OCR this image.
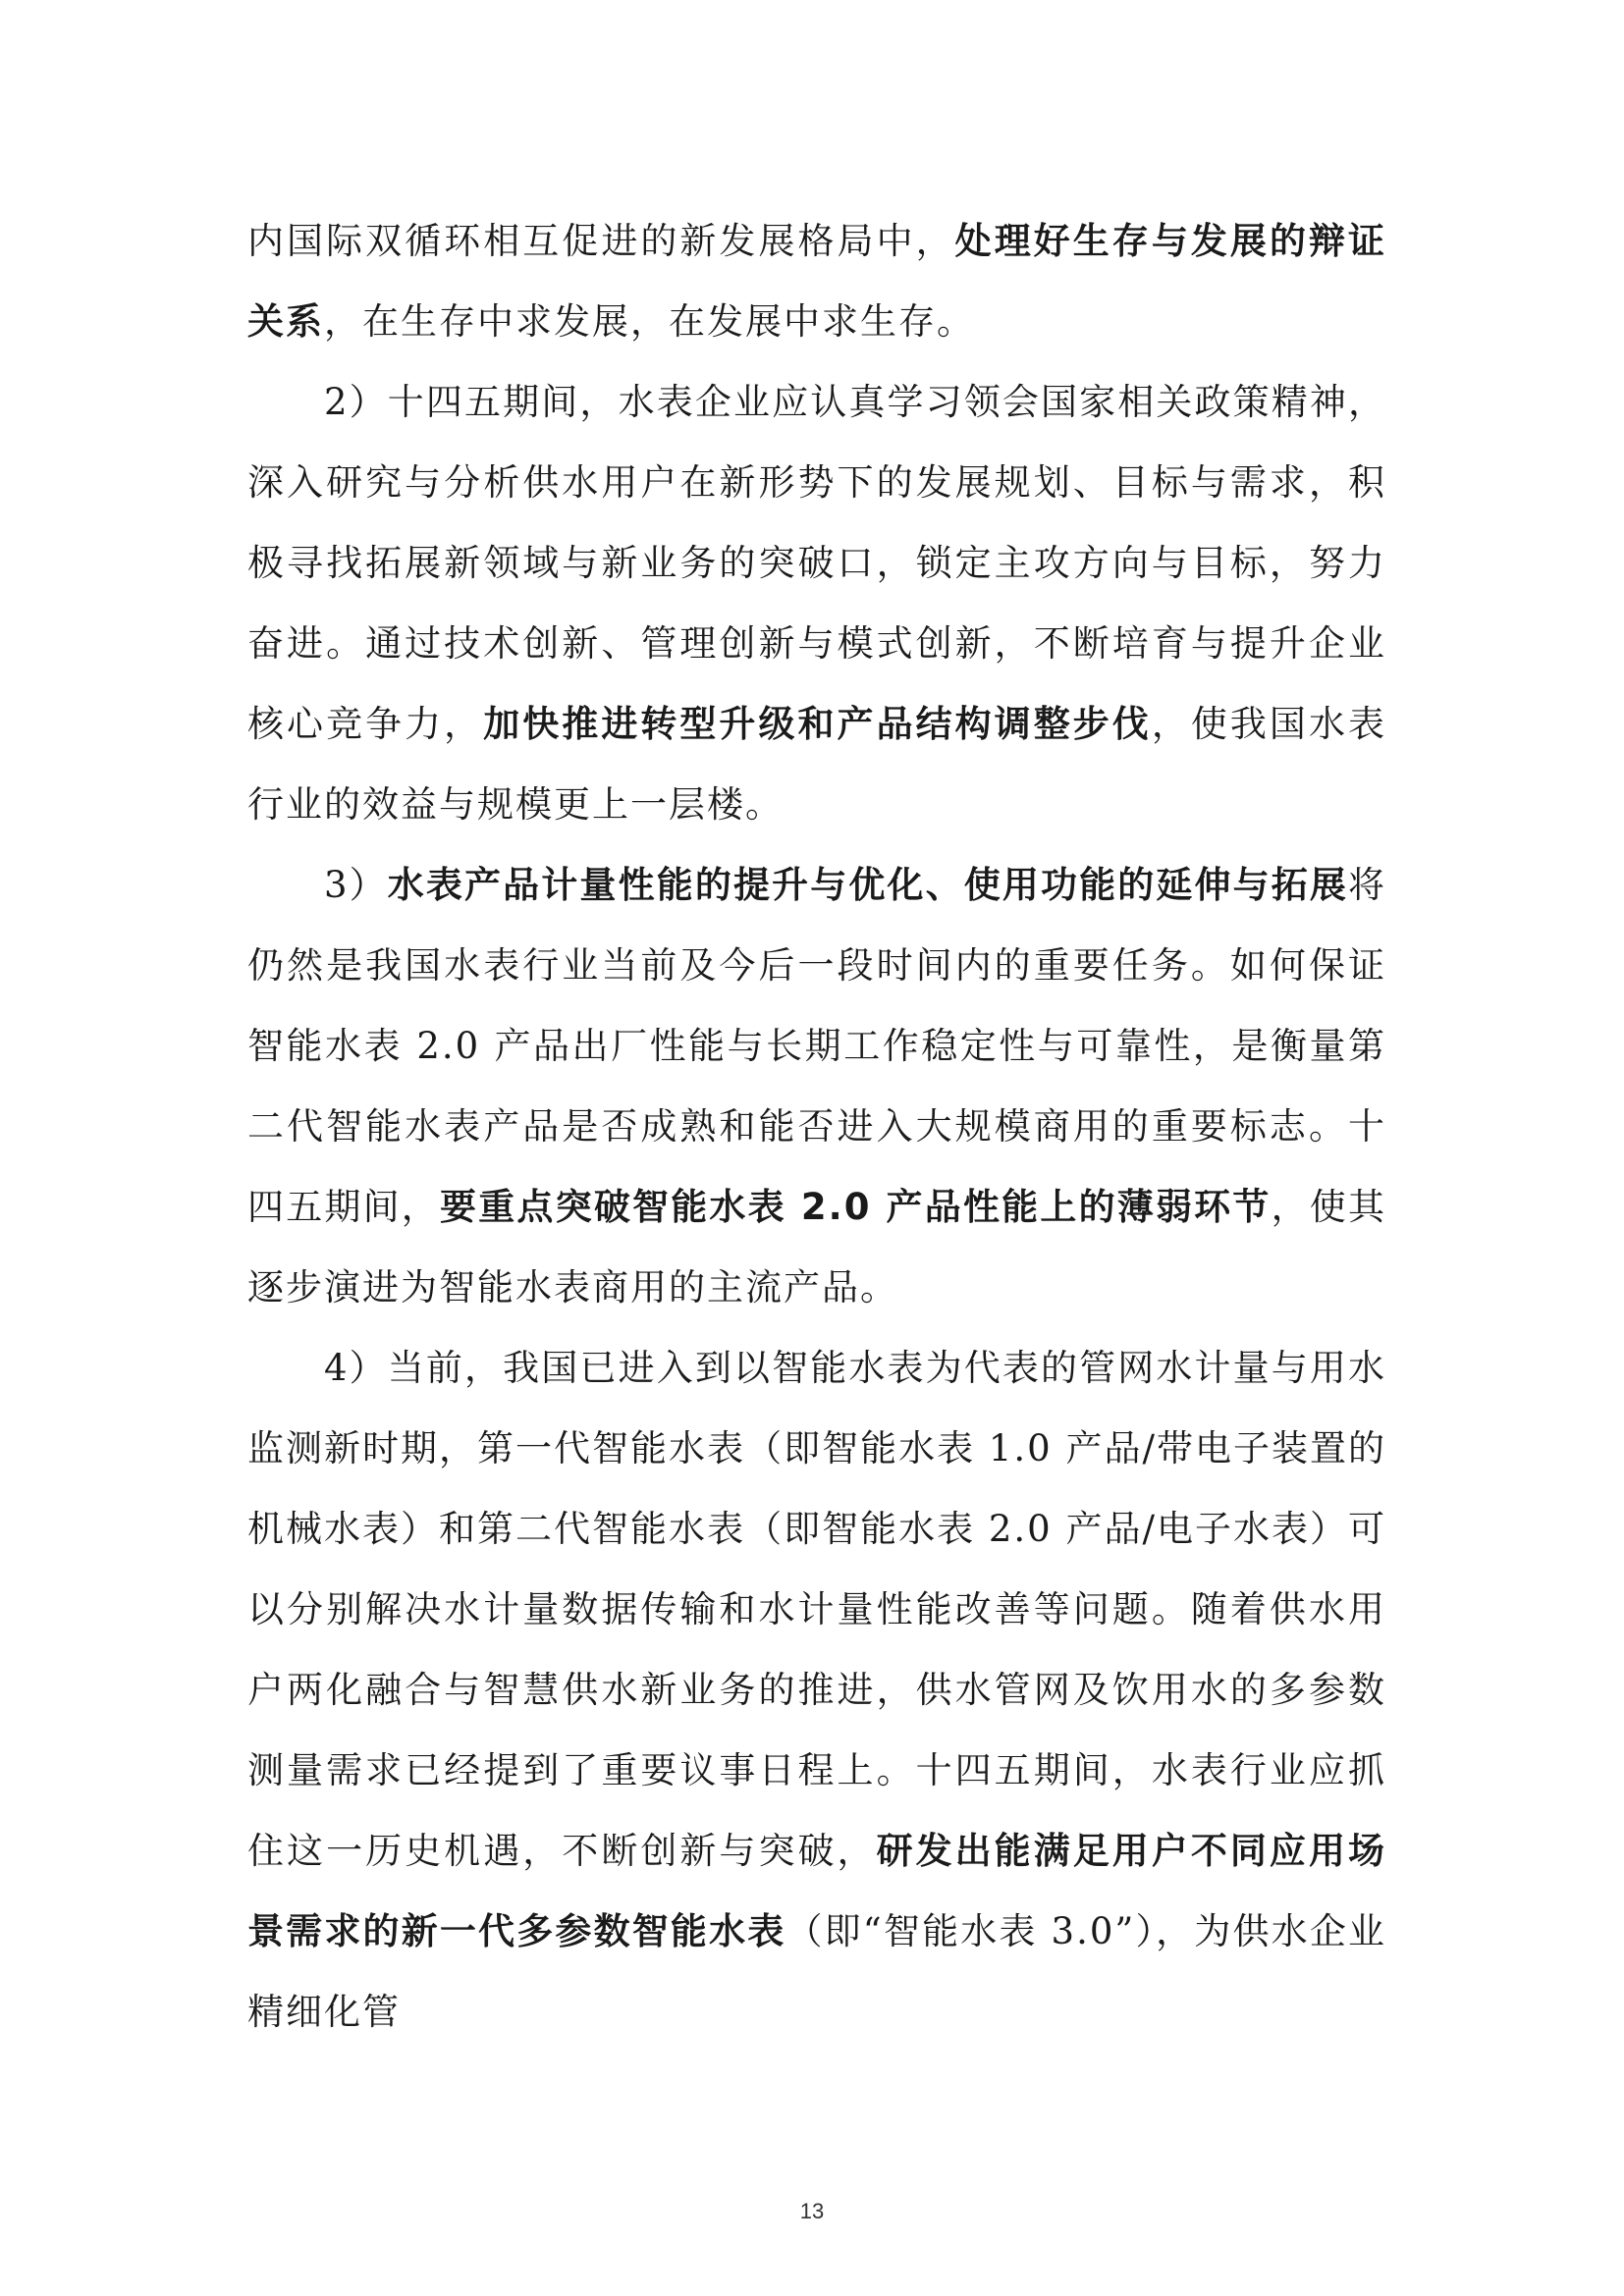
内国际双循环相互促进的新发展格局中，处理好生存与发展的辩证关系，在生存中求发展，在发展中求生存。

2）十四五期间，水表企业应认真学习领会国家相关政策精神，深入研究与分析供水用户在新形势下的发展规划、目标与需求，积极寻找拓展新领域与新业务的突破口，锁定主攻方向与目标，努力奋进。通过技术创新、管理创新与模式创新，不断培育与提升企业核心竞争力，加快推进转型升级和产品结构调整步伐，使我国水表行业的效益与规模更上一层楼。

3）水表产品计量性能的提升与优化、使用功能的延伸与拓展将仍然是我国水表行业当前及今后一段时间内的重要任务。如何保证智能水表 2.0 产品出厂性能与长期工作稳定性与可靠性，是衡量第二代智能水表产品是否成熟和能否进入大规模商用的重要标志。十四五期间，要重点突破智能水表 2.0 产品性能上的薄弱环节，使其逐步演进为智能水表商用的主流产品。

4）当前，我国已进入到以智能水表为代表的管网水计量与用水监测新时期，第一代智能水表（即智能水表 1.0 产品/带电子装置的机械水表）和第二代智能水表（即智能水表 2.0 产品/电子水表）可以分别解决水计量数据传输和水计量性能改善等问题。随着供水用户两化融合与智慧供水新业务的推进，供水管网及饮用水的多参数测量需求已经提到了重要议事日程上。十四五期间，水表行业应抓住这一历史机遇，不断创新与突破，研发出能满足用户不同应用场景需求的新一代多参数智能水表（即“智能水表 3.0”），为供水企业精细化管

13
